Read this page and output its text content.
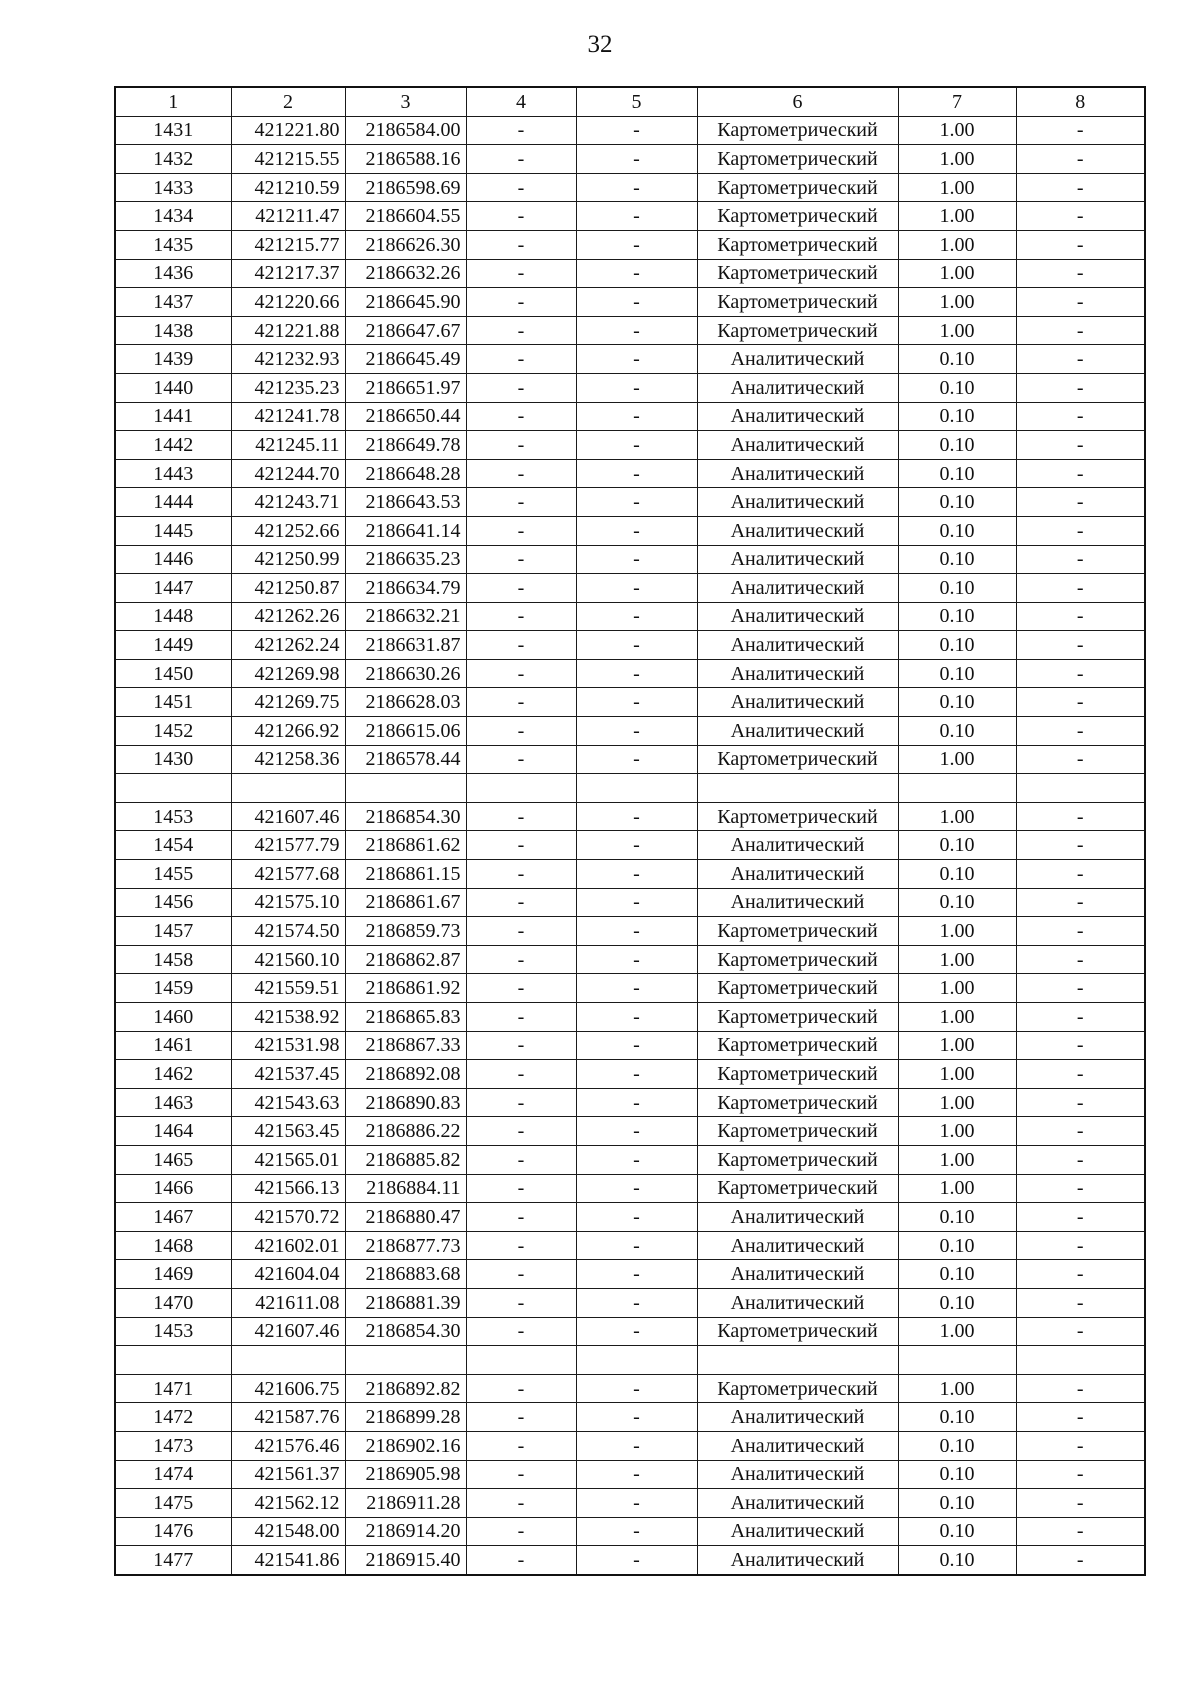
32
1	2	3	4	5	6	7	8
1431	421221.80	2186584.00	-	-	Картометрический	1.00	-
1432	421215.55	2186588.16	-	-	Картометрический	1.00	-
1433	421210.59	2186598.69	-	-	Картометрический	1.00	-
1434	421211.47	2186604.55	-	-	Картометрический	1.00	-
1435	421215.77	2186626.30	-	-	Картометрический	1.00	-
1436	421217.37	2186632.26	-	-	Картометрический	1.00	-
1437	421220.66	2186645.90	-	-	Картометрический	1.00	-
1438	421221.88	2186647.67	-	-	Картометрический	1.00	-
1439	421232.93	2186645.49	-	-	Аналитический	0.10	-
1440	421235.23	2186651.97	-	-	Аналитический	0.10	-
1441	421241.78	2186650.44	-	-	Аналитический	0.10	-
1442	421245.11	2186649.78	-	-	Аналитический	0.10	-
1443	421244.70	2186648.28	-	-	Аналитический	0.10	-
1444	421243.71	2186643.53	-	-	Аналитический	0.10	-
1445	421252.66	2186641.14	-	-	Аналитический	0.10	-
1446	421250.99	2186635.23	-	-	Аналитический	0.10	-
1447	421250.87	2186634.79	-	-	Аналитический	0.10	-
1448	421262.26	2186632.21	-	-	Аналитический	0.10	-
1449	421262.24	2186631.87	-	-	Аналитический	0.10	-
1450	421269.98	2186630.26	-	-	Аналитический	0.10	-
1451	421269.75	2186628.03	-	-	Аналитический	0.10	-
1452	421266.92	2186615.06	-	-	Аналитический	0.10	-
1430	421258.36	2186578.44	-	-	Картометрический	1.00	-

1453	421607.46	2186854.30	-	-	Картометрический	1.00	-
1454	421577.79	2186861.62	-	-	Аналитический	0.10	-
1455	421577.68	2186861.15	-	-	Аналитический	0.10	-
1456	421575.10	2186861.67	-	-	Аналитический	0.10	-
1457	421574.50	2186859.73	-	-	Картометрический	1.00	-
1458	421560.10	2186862.87	-	-	Картометрический	1.00	-
1459	421559.51	2186861.92	-	-	Картометрический	1.00	-
1460	421538.92	2186865.83	-	-	Картометрический	1.00	-
1461	421531.98	2186867.33	-	-	Картометрический	1.00	-
1462	421537.45	2186892.08	-	-	Картометрический	1.00	-
1463	421543.63	2186890.83	-	-	Картометрический	1.00	-
1464	421563.45	2186886.22	-	-	Картометрический	1.00	-
1465	421565.01	2186885.82	-	-	Картометрический	1.00	-
1466	421566.13	2186884.11	-	-	Картометрический	1.00	-
1467	421570.72	2186880.47	-	-	Аналитический	0.10	-
1468	421602.01	2186877.73	-	-	Аналитический	0.10	-
1469	421604.04	2186883.68	-	-	Аналитический	0.10	-
1470	421611.08	2186881.39	-	-	Аналитический	0.10	-
1453	421607.46	2186854.30	-	-	Картометрический	1.00	-

1471	421606.75	2186892.82	-	-	Картометрический	1.00	-
1472	421587.76	2186899.28	-	-	Аналитический	0.10	-
1473	421576.46	2186902.16	-	-	Аналитический	0.10	-
1474	421561.37	2186905.98	-	-	Аналитический	0.10	-
1475	421562.12	2186911.28	-	-	Аналитический	0.10	-
1476	421548.00	2186914.20	-	-	Аналитический	0.10	-
1477	421541.86	2186915.40	-	-	Аналитический	0.10	-
